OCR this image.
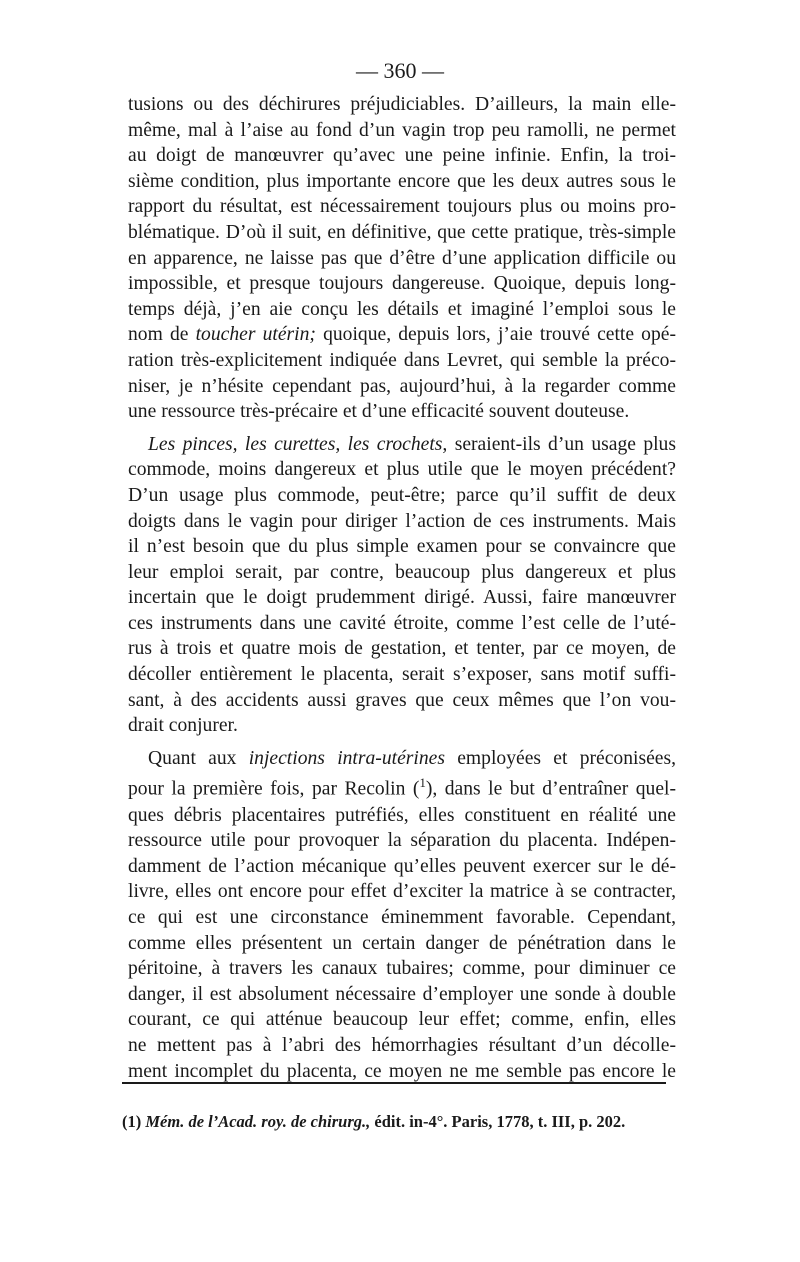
— 360 —
tusions ou des déchirures préjudiciables. D’ailleurs, la main elle-
même, mal à l’aise au fond d’un vagin trop peu ramolli, ne permet
au doigt de manœuvrer qu’avec une peine infinie. Enfin, la troi-
sième condition, plus importante encore que les deux autres sous le
rapport du résultat, est nécessairement toujours plus ou moins pro-
blématique. D’où il suit, en définitive, que cette pratique, très-simple
en apparence, ne laisse pas que d’être d’une application difficile ou
impossible, et presque toujours dangereuse. Quoique, depuis long-
temps déjà, j’en aie conçu les détails et imaginé l’emploi sous le
nom de toucher utérin; quoique, depuis lors, j’aie trouvé cette opé-
ration très-explicitement indiquée dans Levret, qui semble la préco-
niser, je n’hésite cependant pas, aujourd’hui, à la regarder comme
une ressource très-précaire et d’une efficacité souvent douteuse.
Les pinces, les curettes, les crochets, seraient-ils d’un usage plus
commode, moins dangereux et plus utile que le moyen précédent?
D’un usage plus commode, peut-être; parce qu’il suffit de deux
doigts dans le vagin pour diriger l’action de ces instruments. Mais
il n’est besoin que du plus simple examen pour se convaincre que
leur emploi serait, par contre, beaucoup plus dangereux et plus
incertain que le doigt prudemment dirigé. Aussi, faire manœuvrer
ces instruments dans une cavité étroite, comme l’est celle de l’uté-
rus à trois et quatre mois de gestation, et tenter, par ce moyen, de
décoller entièrement le placenta, serait s’exposer, sans motif suffi-
sant, à des accidents aussi graves que ceux mêmes que l’on vou-
drait conjurer.
Quant aux injections intra-utérines employées et préconisées,
pour la première fois, par Recolin ($^1$), dans le but d’entraîner quel-
ques débris placentaires putréfiés, elles constituent en réalité une
ressource utile pour provoquer la séparation du placenta. Indépen-
damment de l’action mécanique qu’elles peuvent exercer sur le dé-
livre, elles ont encore pour effet d’exciter la matrice à se contracter,
ce qui est une circonstance éminemment favorable. Cependant,
comme elles présentent un certain danger de pénétration dans le
péritoine, à travers les canaux tubaires; comme, pour diminuer ce
danger, il est absolument nécessaire d’employer une sonde à double
courant, ce qui atténue beaucoup leur effet; comme, enfin, elles
ne mettent pas à l’abri des hémorrhagies résultant d’un décolle-
ment incomplet du placenta, ce moyen ne me semble pas encore le
(1) Mém. de l’Acad. roy. de chirurg., édit. in-4°. Paris, 1778, t. III, p. 202.
